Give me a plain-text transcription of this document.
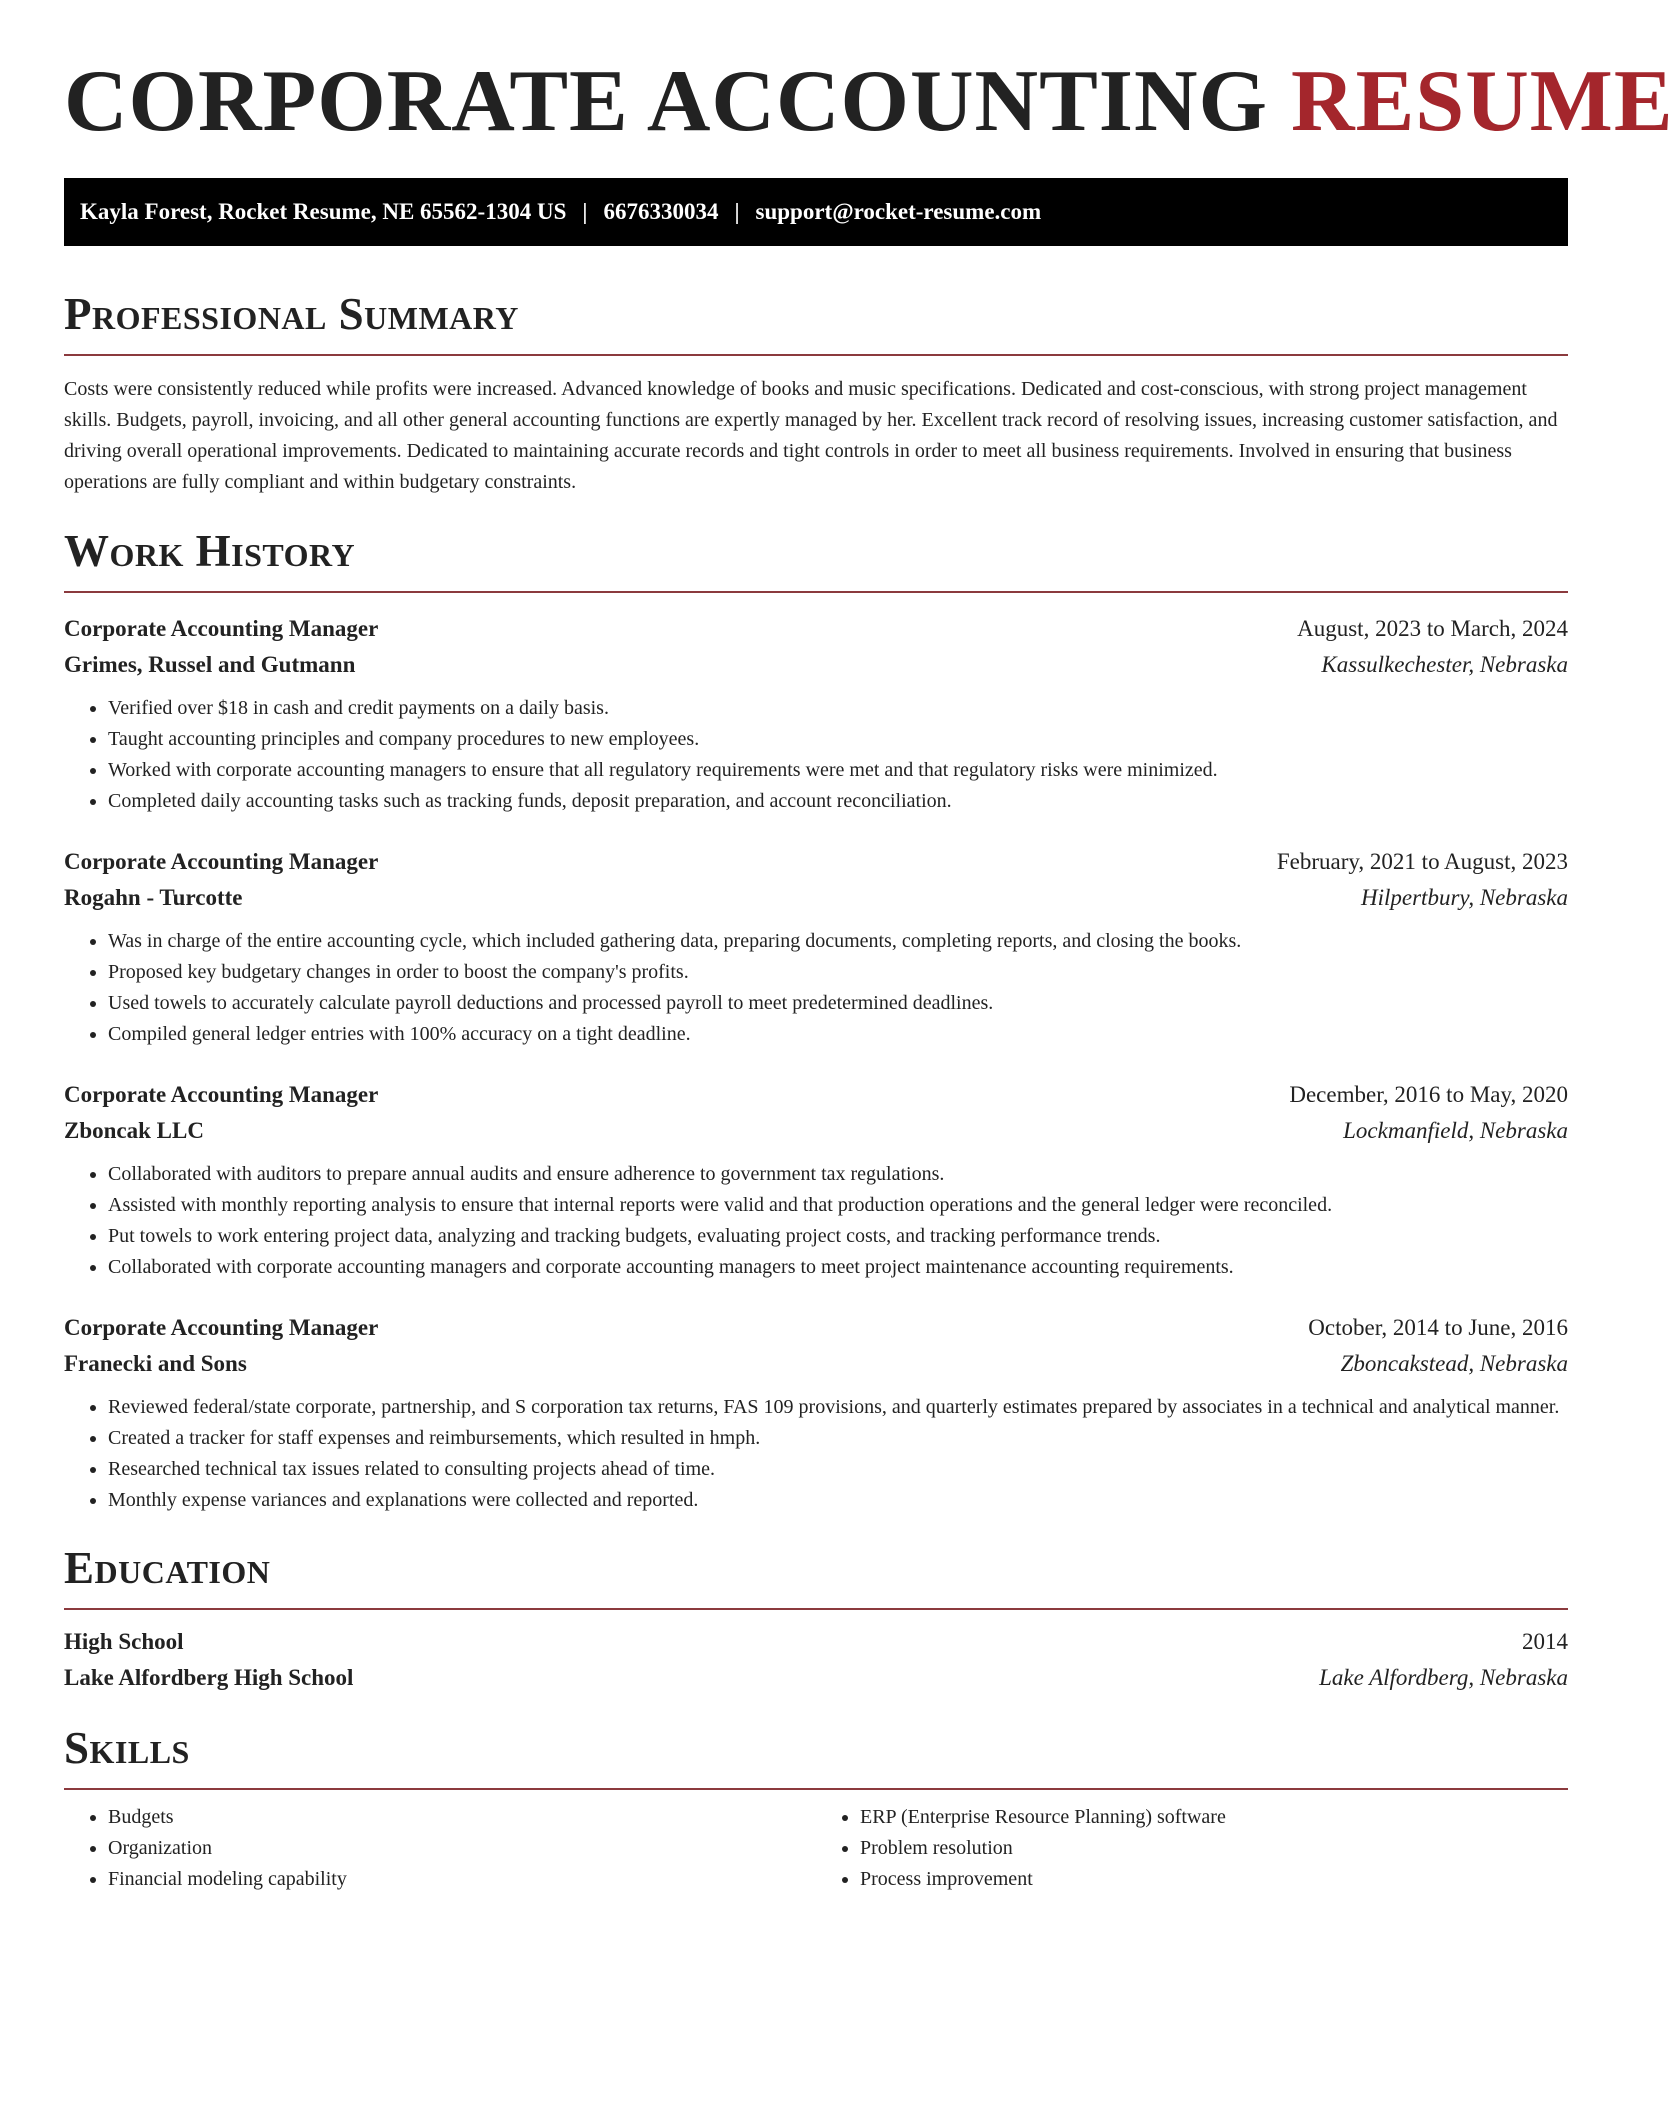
CORPORATE ACCOUNTING RESUME
Kayla Forest, Rocket Resume, NE 65562-1304 US | 6676330034 | support@rocket-resume.com
Professional Summary

Costs were consistently reduced while profits were increased. Advanced knowledge of books and music specifications. Dedicated and cost-conscious, with strong project management skills. Budgets, payroll, invoicing, and all other general accounting functions are expertly managed by her. Excellent track record of resolving issues, increasing customer satisfaction, and driving overall operational improvements. Dedicated to maintaining accurate records and tight controls in order to meet all business requirements. Involved in ensuring that business operations are fully compliant and within budgetary constraints.

Work History
Corporate Accounting Manager	August, 2023 to March, 2024
Grimes, Russel and Gutmann	Kassulkechester, Nebraska
• Verified over $18 in cash and credit payments on a daily basis.
• Taught accounting principles and company procedures to new employees.
• Worked with corporate accounting managers to ensure that all regulatory requirements were met and that regulatory risks were minimized.
• Completed daily accounting tasks such as tracking funds, deposit preparation, and account reconciliation.
Corporate Accounting Manager	February, 2021 to August, 2023
Rogahn - Turcotte	Hilpertbury, Nebraska
• Was in charge of the entire accounting cycle, which included gathering data, preparing documents, completing reports, and closing the books.
• Proposed key budgetary changes in order to boost the company's profits.
• Used towels to accurately calculate payroll deductions and processed payroll to meet predetermined deadlines.
• Compiled general ledger entries with 100% accuracy on a tight deadline.
Corporate Accounting Manager	December, 2016 to May, 2020
Zboncak LLC	Lockmanfield, Nebraska
• Collaborated with auditors to prepare annual audits and ensure adherence to government tax regulations.
• Assisted with monthly reporting analysis to ensure that internal reports were valid and that production operations and the general ledger were reconciled.
• Put towels to work entering project data, analyzing and tracking budgets, evaluating project costs, and tracking performance trends.
• Collaborated with corporate accounting managers and corporate accounting managers to meet project maintenance accounting requirements.
Corporate Accounting Manager	October, 2014 to June, 2016
Franecki and Sons	Zboncakstead, Nebraska
• Reviewed federal/state corporate, partnership, and S corporation tax returns, FAS 109 provisions, and quarterly estimates prepared by associates in a technical and analytical manner.
• Created a tracker for staff expenses and reimbursements, which resulted in hmph.
• Researched technical tax issues related to consulting projects ahead of time.
• Monthly expense variances and explanations were collected and reported.
Education
High School	2014
Lake Alfordberg High School	Lake Alfordberg, Nebraska
Skills
• Budgets
• Organization
• Financial modeling capability
• ERP (Enterprise Resource Planning) software
• Problem resolution
• Process improvement
